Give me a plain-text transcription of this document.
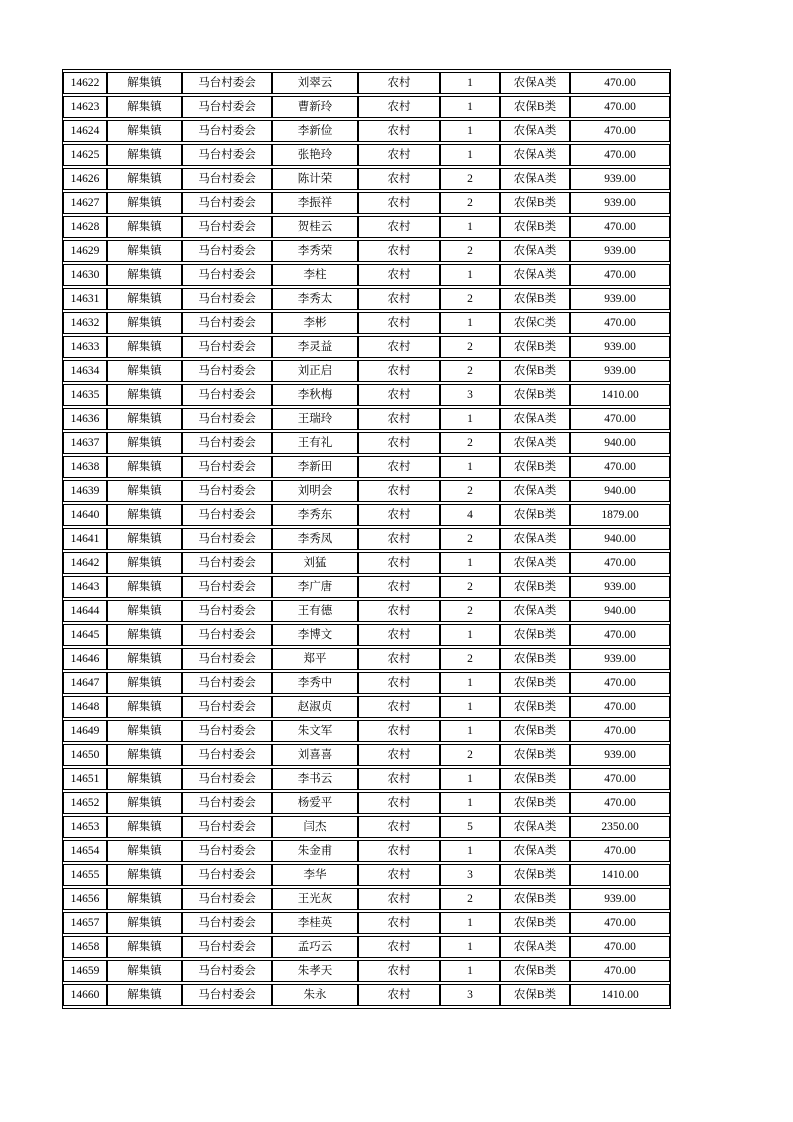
14622	解集镇	马台村委会	刘翠云	农村	1	农保A类	470.00
14623	解集镇	马台村委会	曹新玲	农村	1	农保B类	470.00
14624	解集镇	马台村委会	李新俭	农村	1	农保A类	470.00
14625	解集镇	马台村委会	张艳玲	农村	1	农保A类	470.00
14626	解集镇	马台村委会	陈计荣	农村	2	农保A类	939.00
14627	解集镇	马台村委会	李振祥	农村	2	农保B类	939.00
14628	解集镇	马台村委会	贺桂云	农村	1	农保B类	470.00
14629	解集镇	马台村委会	李秀荣	农村	2	农保A类	939.00
14630	解集镇	马台村委会	李柱	农村	1	农保A类	470.00
14631	解集镇	马台村委会	李秀太	农村	2	农保B类	939.00
14632	解集镇	马台村委会	李彬	农村	1	农保C类	470.00
14633	解集镇	马台村委会	李灵益	农村	2	农保B类	939.00
14634	解集镇	马台村委会	刘正启	农村	2	农保B类	939.00
14635	解集镇	马台村委会	李秋梅	农村	3	农保B类	1410.00
14636	解集镇	马台村委会	王瑞玲	农村	1	农保A类	470.00
14637	解集镇	马台村委会	王有礼	农村	2	农保A类	940.00
14638	解集镇	马台村委会	李新田	农村	1	农保B类	470.00
14639	解集镇	马台村委会	刘明会	农村	2	农保A类	940.00
14640	解集镇	马台村委会	李秀东	农村	4	农保B类	1879.00
14641	解集镇	马台村委会	李秀凤	农村	2	农保A类	940.00
14642	解集镇	马台村委会	刘猛	农村	1	农保A类	470.00
14643	解集镇	马台村委会	李广唐	农村	2	农保B类	939.00
14644	解集镇	马台村委会	王有德	农村	2	农保A类	940.00
14645	解集镇	马台村委会	李博文	农村	1	农保B类	470.00
14646	解集镇	马台村委会	郑平	农村	2	农保B类	939.00
14647	解集镇	马台村委会	李秀中	农村	1	农保B类	470.00
14648	解集镇	马台村委会	赵淑贞	农村	1	农保B类	470.00
14649	解集镇	马台村委会	朱文军	农村	1	农保B类	470.00
14650	解集镇	马台村委会	刘喜喜	农村	2	农保B类	939.00
14651	解集镇	马台村委会	李书云	农村	1	农保B类	470.00
14652	解集镇	马台村委会	杨爱平	农村	1	农保B类	470.00
14653	解集镇	马台村委会	闫杰	农村	5	农保A类	2350.00
14654	解集镇	马台村委会	朱金甫	农村	1	农保A类	470.00
14655	解集镇	马台村委会	李华	农村	3	农保B类	1410.00
14656	解集镇	马台村委会	王光灰	农村	2	农保B类	939.00
14657	解集镇	马台村委会	李桂英	农村	1	农保B类	470.00
14658	解集镇	马台村委会	孟巧云	农村	1	农保A类	470.00
14659	解集镇	马台村委会	朱孝天	农村	1	农保B类	470.00
14660	解集镇	马台村委会	朱永	农村	3	农保B类	1410.00
